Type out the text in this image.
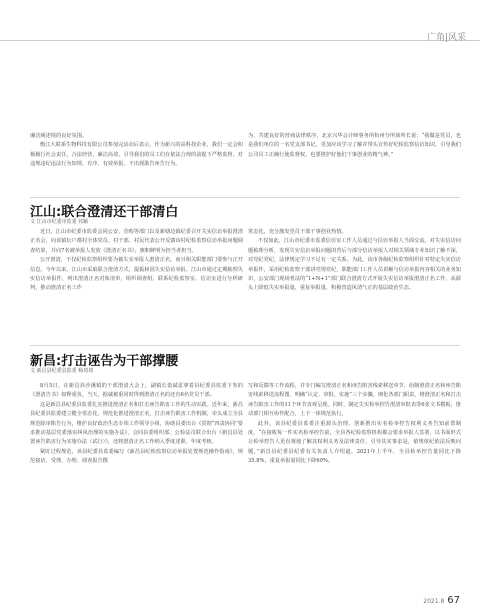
广角|风采

廉洁阐述境的良好氛围。

衡江大联系生物科技有限公司参加完活动后表示，作为新兴的高科技企业，我们一定会积极履行社会责任，合法经营，廉洁高效，引导我们的员工们在依法合规的前提下严格监督，对违规违纪违法行为知规、有序、有效举报，不出现滥告诬告行为。

为，共建良好的营商法律秩序。北京兴华会计师事务所杭州分所简所长说：“我做是党员，也是我们单位的一名党支部书记，更加应该学习了解并带头宣传好纪检监察信访知识，引导我们公司员工正确行使监督权，也要推护好他们干事创业的精气神。”

江山:联合澄清还干部清白
文 江山市纪委市监委 祁颖

近日，江山市纪委市监委会同公安、竞购等部门以及新塘边镇纪委召开关实信访举报澄清正名会，向该镇坛户都村全体党员、村干部、村民代表公开反馈该村纪检监察信访举报问题调查结果，并向7名被举报人发放《澄清正名书》，旗帜鲜明为担当者担当。

公开澄清，不仅纪检监察组织要为被失实举报人澄清正名，而且相关职能部门要参与正开信息。今年以来，江山市采取联合澄清方式，提振和因失实信访举报。江山市通过定期梳理失实信访举报件，列出澄清正名对象清单，组织调查组，联系纪检监察室、信访室进行分析研判，推动澄清正名工作

常态化，充分激发党员干部干事创业热情。

不仅如此，江山市纪委市监委信访室工作人员通过与信访举报人当面交流，对失实信访问题梳理分析，发现失实信访举报问题的背后与部分信访举报人对相关领域专业知识了解不深，对党纪党纪、法律规定学习不足有一定关系。为此，该市各级纪检监察组织针对特定失实信访举报件，采用纪检监察干部讲党规党纪，职能部门工作人员讲解与信访举报内容相关的业务知识，公安部门现场普法的“1+N+1”部门联合澄清方式开展失实信访举报澄清正名工作，从源头上降低失实举报量，重复举报量，积极营造风清气正的基层政治生态。

新昌:打击诬告为干部撑腰
文 新昌县纪委县监委 杨琦琦

8月5日，在新昌县沙溪镇的干部澄清大会上，副镇长裘斌雷拿着县纪委县监委下发的《澄清告书》如释重负。当天，据诚被重同时得到澄清正名的还有6名党员干部。

这是新昌县纪委县监委扎实推进澄清正名和打击诬告陷害工作的生动实践。近年来，新昌县纪委县监委建立健全常态化、规范化推进澄清正名，打击诬告陷害工作机制，牵头成立全县规范除审陷告行为，维护良好政治生态专项工作领导小组，协助县委出台《贯彻“四责协同”要求推动基层党委落实纠风治理的实施办法》，会同县委组织部、公检法司联合出台《新昌县处置诬告陷害行为实施办法（试行）》，还将澄清正名工作纳入季度述职、年度考核。

紧盯过程规范，该县纪委县监委编写《新昌县纪检监察信访举报处置规范操作指南》，规范接访、受理、办理、调查报告撰

写和反馈等工作流程，并专门编写澄清正名和诬告陷害线索移送章节，给制澄清正名和诬告陷害线索移送流程图，明确“认定、审批、实施”三个步骤，细化各部门职责，将澄清正名和打击诬告陷害工作的11个环节直观呈现。同时，制定失实检举控告澄清审批表等6张文书模板，推动部门相互协作配合，上下一体规范执行。

此外，该县纪委县监委注重源头治理，创新推出实名检举控告权利义务告知前置制度，“在接收每一件实名检举控告前，全县各纪检监察机构都会要求举报人签署，以书面形式让检举控告人更直观地了解其权利义务及法律责任，引导其实事求是，依规依纪依法反映问题，”新昌县纪委县纪委有关负责人介绍道。2021年上半年，全县检举控告量同比下降35.8%，重复举报量同比下降69%。

2021.8 67
